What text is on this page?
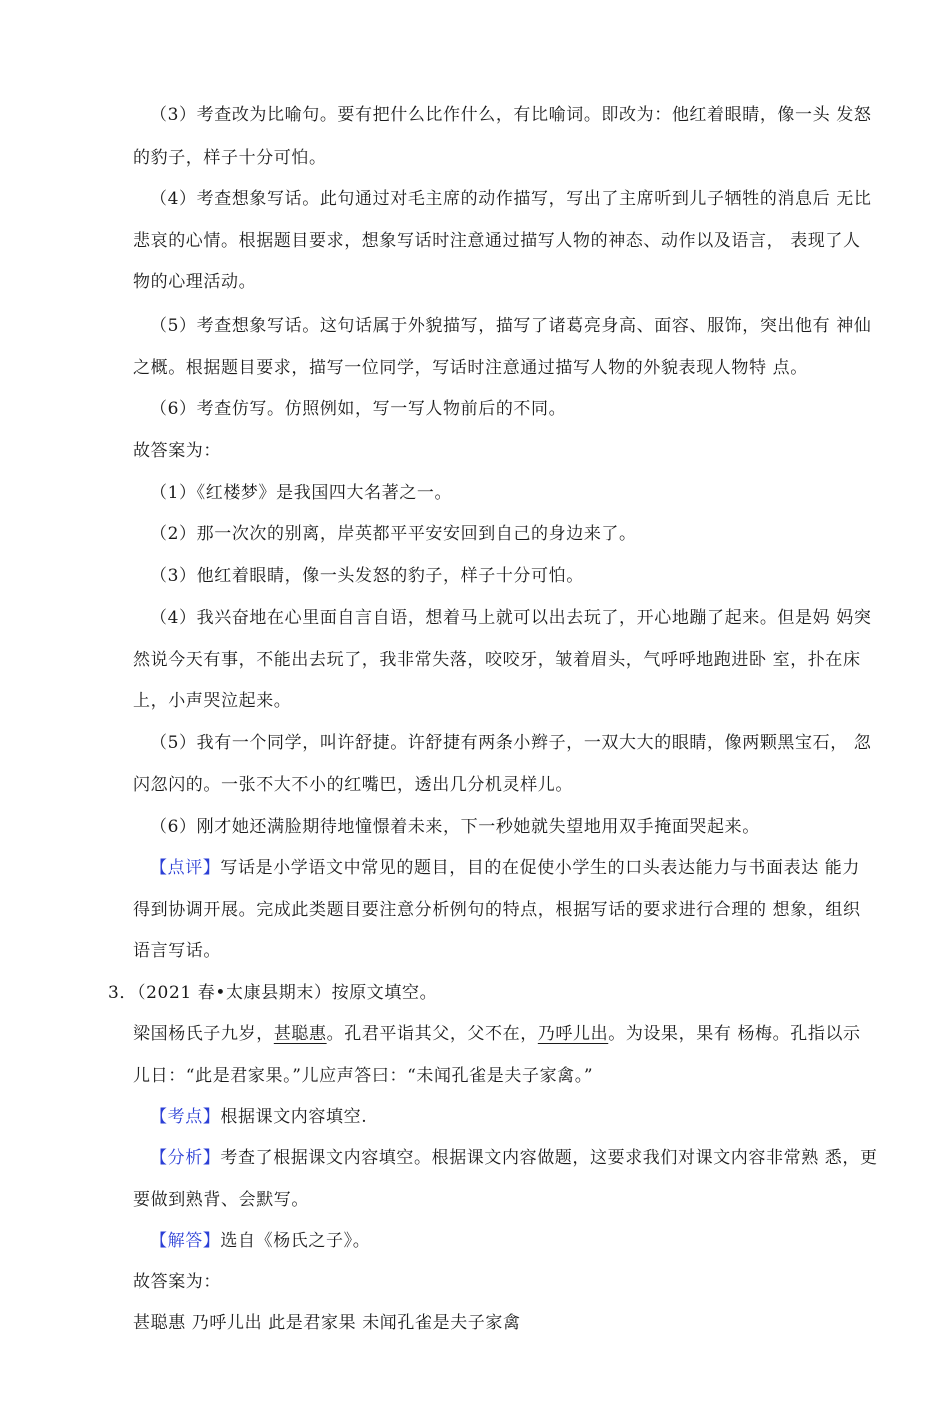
（3）考查改为比喻句。要有把什么比作什么，有比喻词。即改为：他红着眼睛，像一头 发怒
的豹子，样子十分可怕。
（4）考查想象写话。此句通过对毛主席的动作描写，写出了主席听到儿子牺牲的消息后 无比
悲哀的心情。根据题目要求，想象写话时注意通过描写人物的神态、动作以及语言， 表现了人
物的心理活动。
（5）考查想象写话。这句话属于外貌描写，描写了诸葛亮身高、面容、服饰，突出他有 神仙
之概。根据题目要求，描写一位同学，写话时注意通过描写人物的外貌表现人物特 点。
（6）考查仿写。仿照例如，写一写人物前后的不同。
故答案为：
（1）《红楼梦》是我国四大名著之一。
（2）那一次次的别离，岸英都平平安安回到自己的身边来了。
（3）他红着眼睛，像一头发怒的豹子，样子十分可怕。
（4）我兴奋地在心里面自言自语，想着马上就可以出去玩了，开心地蹦了起来。但是妈 妈突
然说今天有事，不能出去玩了，我非常失落，咬咬牙，皱着眉头，气呼呼地跑进卧 室，扑在床
上，小声哭泣起来。
（5）我有一个同学，叫许舒捷。许舒捷有两条小辫子，一双大大的眼睛，像两颗黑宝石， 忽
闪忽闪的。一张不大不小的红嘴巴，透出几分机灵样儿。
（6）刚才她还满脸期待地憧憬着未来，下一秒她就失望地用双手掩面哭起来。
【点评】写话是小学语文中常见的题目，目的在促使小学生的口头表达能力与书面表达 能力
得到协调开展。完成此类题目要注意分析例句的特点，根据写话的要求进行合理的 想象，组织
语言写话。
3．（2021 春•太康县期末）按原文填空。
梁国杨氏子九岁，甚聪惠。孔君平诣其父，父不在，乃呼儿出。为设果，果有 杨梅。孔指以示
儿日：“此是君家果。”儿应声答曰：“未闻孔雀是夫子家禽。”
【考点】根据课文内容填空.
【分析】考查了根据课文内容填空。根据课文内容做题，这要求我们对课文内容非常熟 悉，更
要做到熟背、会默写。
【解答】选自《杨氏之子》。
故答案为：
甚聪惠 乃呼儿出 此是君家果 未闻孔雀是夫子家禽
